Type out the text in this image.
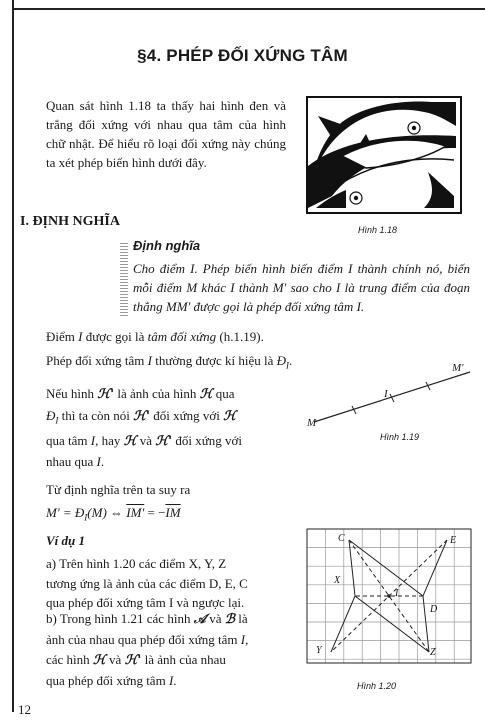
§4. PHÉP ĐỐI XỨNG TÂM
Quan sát hình 1.18 ta thấy hai hình đen và trắng đối xứng với nhau qua tâm của hình chữ nhật. Để hiểu rõ loại đối xứng này chúng ta xét phép biến hình dưới đây.
Hình 1.18
I. ĐỊNH NGHĨA
Định nghĩa
Cho điểm I. Phép biến hình biến điểm I thành chính nó, biến mỗi điểm M khác I thành M' sao cho I là trung điểm của đoạn thẳng MM' được gọi là phép đối xứng tâm I.
Điểm I được gọi là tâm đối xứng (h.1.19).
Phép đối xứng tâm I thường được kí hiệu là $Đ_I$.
Nếu hình ℋ' là ảnh của hình ℋ qua
$Đ_I$ thì ta còn nói ℋ' đối xứng với ℋ
qua tâm I, hay ℋ và ℋ' đối xứng với
nhau qua I.
M
I
M'
Hình 1.19
Từ định nghĩa trên ta suy ra
$M' = Đ_I(M)$ ⇔ $IM' = -\overline{IM}$
Ví dụ 1
a) Trên hình 1.20 các điểm X, Y, Z
tương ứng là ảnh của các điểm D, E, C
qua phép đối xứng tâm I và ngược lại.
b) Trong hình 1.21 các hình 𝒜 và ℬ là
ảnh của nhau qua phép đối xứng tâm I,
các hình ℋ và ℋ' là ảnh của nhau
qua phép đối xứng tâm I.
C	E
X
I
D
Y	Z
Hình 1.20
12
